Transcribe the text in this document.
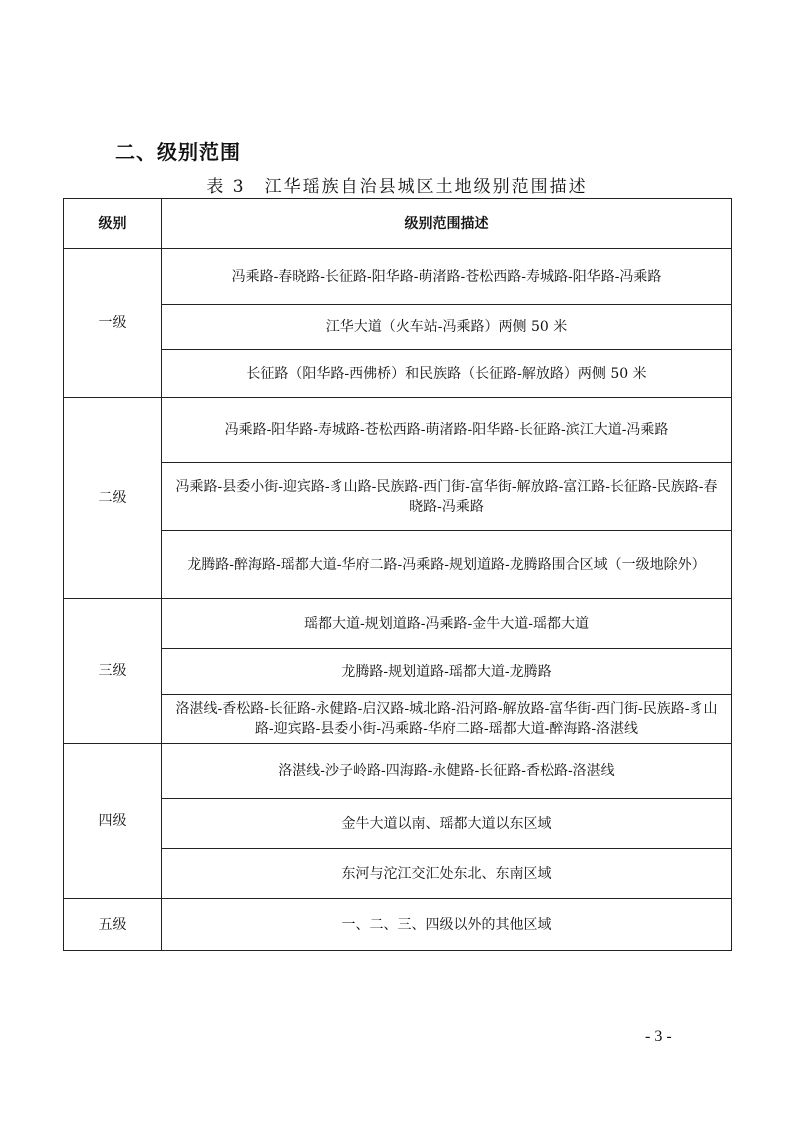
二、级别范围
表 3　江华瑶族自治县城区土地级别范围描述
级别	级别范围描述
一级	冯乘路-春晓路-长征路-阳华路-萌渚路-苍松西路-寿城路-阳华路-冯乘路
	江华大道（火车站-冯乘路）两侧 50 米
	长征路（阳华路-西佛桥）和民族路（长征路-解放路）两侧 50 米
二级	冯乘路-阳华路-寿城路-苍松西路-萌渚路-阳华路-长征路-滨江大道-冯乘路
	冯乘路-县委小街-迎宾路-豸山路-民族路-西门街-富华街-解放路-富江路-长征路-民族路-春晓路-冯乘路
	龙腾路-醉海路-瑶都大道-华府二路-冯乘路-规划道路-龙腾路围合区域（一级地除外）
三级	瑶都大道-规划道路-冯乘路-金牛大道-瑶都大道
	龙腾路-规划道路-瑶都大道-龙腾路
	洛湛线-香松路-长征路-永健路-启汉路-城北路-沿河路-解放路-富华街-西门街-民族路-豸山路-迎宾路-县委小街-冯乘路-华府二路-瑶都大道-醉海路-洛湛线
四级	洛湛线-沙子岭路-四海路-永健路-长征路-香松路-洛湛线
	金牛大道以南、瑶都大道以东区域
	东河与沱江交汇处东北、东南区域
五级	一、二、三、四级以外的其他区域
- 3 -
